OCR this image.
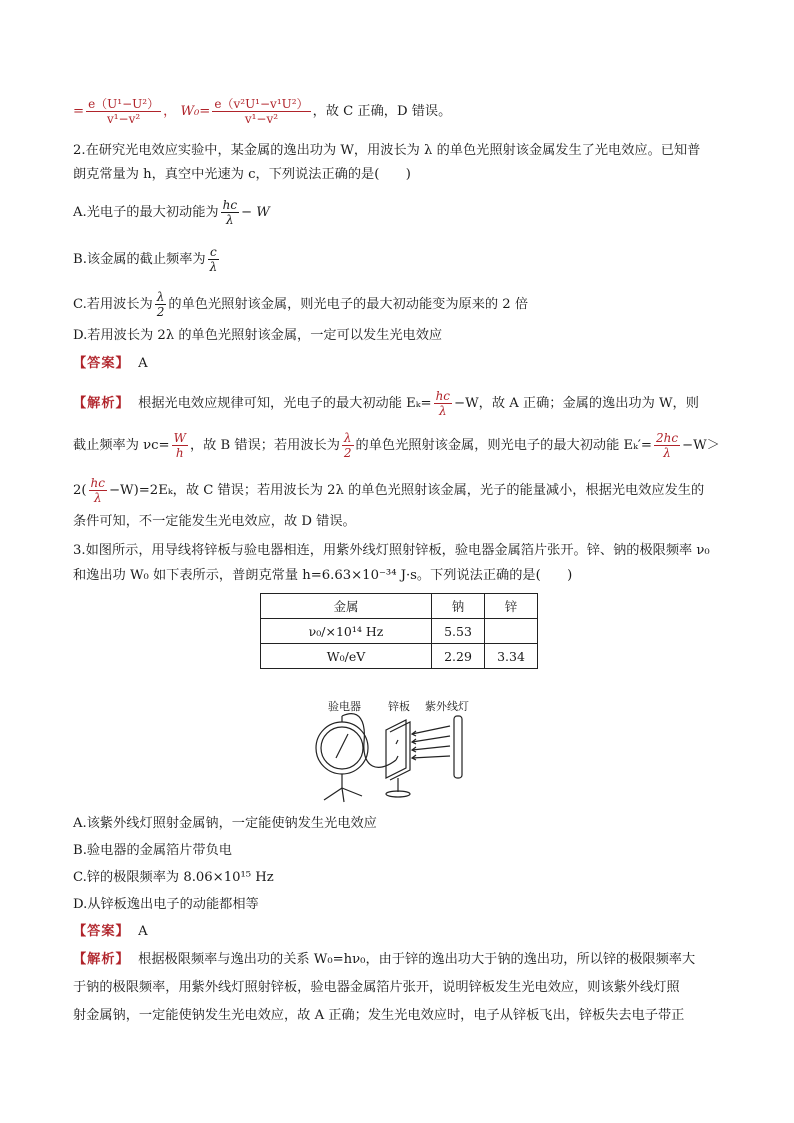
= $\frac{\text{e（U¹−U²）}}{\text{v¹−v²}}$ ， $W_0= \frac{\text{e（v²U¹−v¹U²）}}{\text{v¹−v²}}$ ，故 C 正确，D 错误。
2.在研究光电效应实验中，某金属的逸出功为 W，用波长为 λ 的单色光照射该金属发生了光电效应。已知普
朗克常量为 h，真空中光速为 c，下列说法正确的是(　　)
A.光电子的最大初动能为 $\frac{hc}{\lambda} - W$
B.该金属的截止频率为 $\frac{c}{\lambda}$
C.若用波长为 $\frac{\lambda}{2}$ 的单色光照射该金属，则光电子的最大初动能变为原来的 2 倍
D.若用波长为 2λ 的单色光照射该金属，一定可以发生光电效应
【答案】 A
【解析】 根据光电效应规律可知，光电子的最大初动能 $E_k= \frac{hc}{\lambda} -W$，故 A 正确；金属的逸出功为 W，则
截止频率为 $\nu c= \frac{W}{h}$ ，故 B 错误；若用波长为 $\frac{\lambda}{2}$ 的单色光照射该金属，则光电子的最大初动能 $E_k'= \frac{2hc}{\lambda} -W>$
$2( \frac{hc}{\lambda} -W)=2E_k$，故 C 错误；若用波长为 2λ 的单色光照射该金属，光子的能量减小，根据光电效应发生的
条件可知，不一定能发生光电效应，故 D 错误。
3.如图所示，用导线将锌板与验电器相连，用紫外线灯照射锌板，验电器金属箔片张开。锌、钠的极限频率 ν₀
和逸出功 W₀ 如下表所示，普朗克常量 h=6.63×10⁻³⁴ J·s。下列说法正确的是(　　)
金属	钠	锌
ν₀/×10¹⁴ Hz	5.53	
W₀/eV	2.29	3.34
验电器 锌板 紫外线灯
A.该紫外线灯照射金属钠，一定能使钠发生光电效应
B.验电器的金属箔片带负电
C.锌的极限频率为 8.06×10¹⁵ Hz
D.从锌板逸出电子的动能都相等
【答案】 A
【解析】 根据极限频率与逸出功的关系 W₀=hν₀，由于锌的逸出功大于钠的逸出功，所以锌的极限频率大
于钠的极限频率，用紫外线灯照射锌板，验电器金属箔片张开，说明锌板发生光电效应，则该紫外线灯照
射金属钠，一定能使钠发生光电效应，故 A 正确；发生光电效应时，电子从锌板飞出，锌板失去电子带正
